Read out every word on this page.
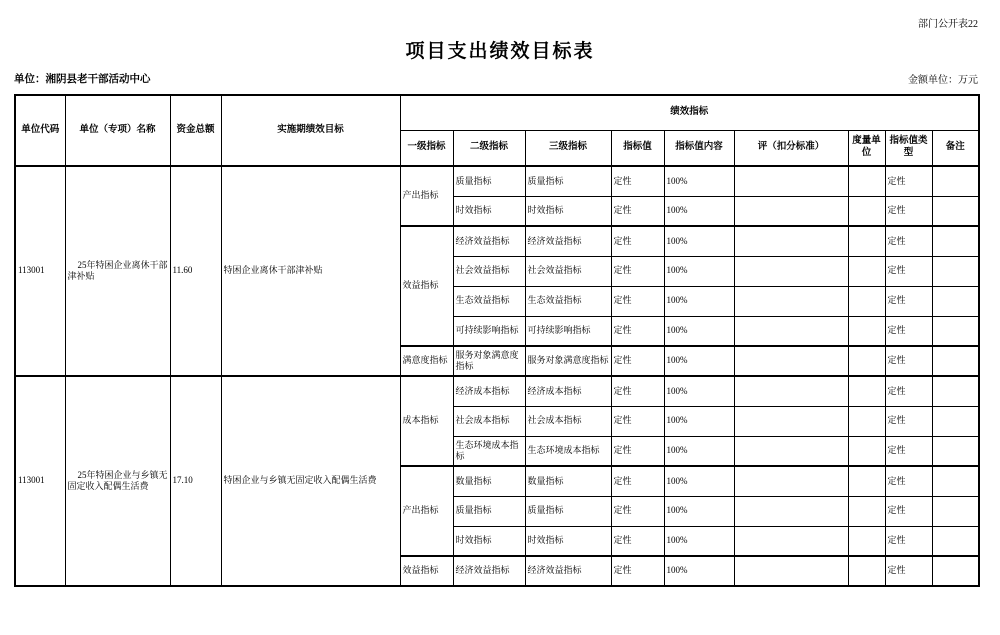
部门公开表22
项目支出绩效目标表
单位：湘阴县老干部活动中心	金额单位：万元
单位代码	单位（专项）名称	资金总额	实施期绩效目标	绩效指标								
				一级指标	二级指标	三级指标	指标值	指标值内容	评（扣分标准）	度量单位	指标值类型	备注
113001	25年特困企业离休干部津补贴	11.60	特困企业离休干部津补贴	产出指标	质量指标	质量指标	定性	100%			定性	
					时效指标	时效指标	定性	100%			定性	
				效益指标	经济效益指标	经济效益指标	定性	100%			定性	
					社会效益指标	社会效益指标	定性	100%			定性	
					生态效益指标	生态效益指标	定性	100%			定性	
					可持续影响指标	可持续影响指标	定性	100%			定性	
				满意度指标	服务对象满意度指标	服务对象满意度指标	定性	100%			定性	
113001	25年特困企业与乡镇无固定收入配偶生活费	17.10	特困企业与乡镇无固定收入配偶生活费	成本指标	经济成本指标	经济成本指标	定性	100%			定性	
					社会成本指标	社会成本指标	定性	100%			定性	
					生态环境成本指标	生态环境成本指标	定性	100%			定性	
				产出指标	数量指标	数量指标	定性	100%			定性	
					质量指标	质量指标	定性	100%			定性	
					时效指标	时效指标	定性	100%			定性	
				效益指标	经济效益指标	经济效益指标	定性	100%			定性	
